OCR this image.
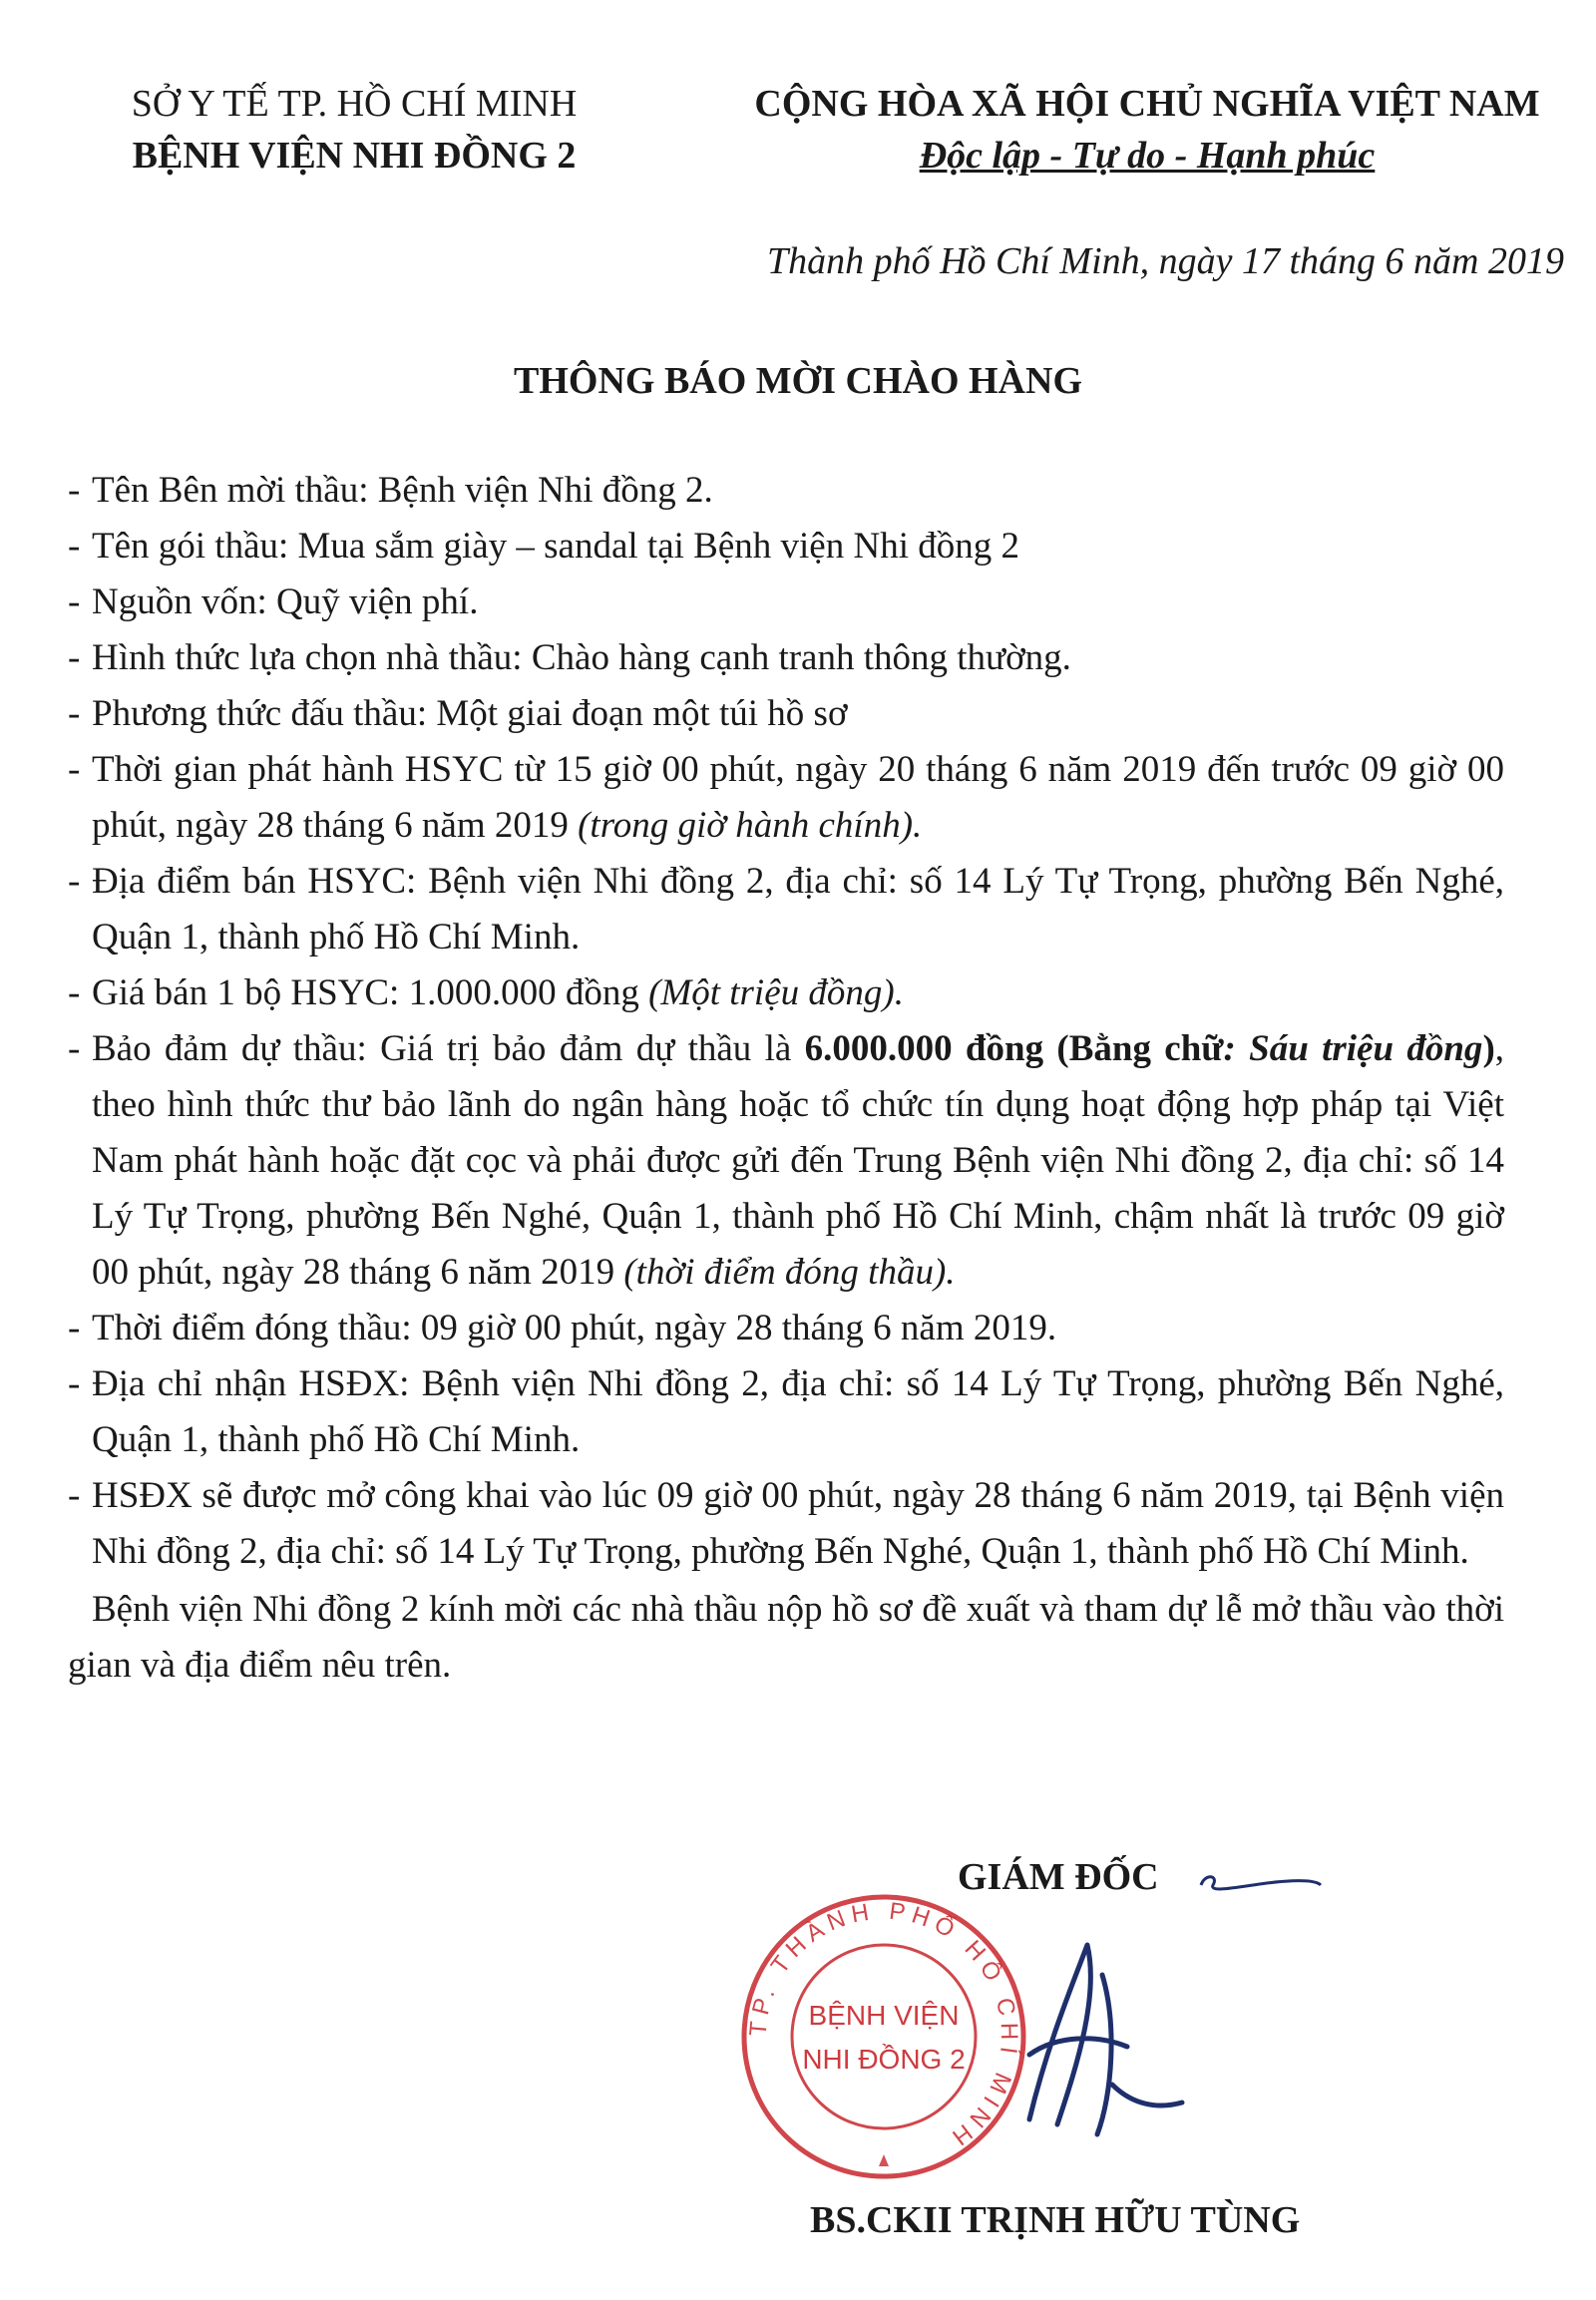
SỞ Y TẾ TP. HỒ CHÍ MINH
BỆNH VIỆN NHI ĐỒNG 2
CỘNG HÒA XÃ HỘI CHỦ NGHĨA VIỆT NAM
Độc lập - Tự do - Hạnh phúc
Thành phố Hồ Chí Minh, ngày 17 tháng 6 năm 2019
THÔNG BÁO MỜI CHÀO HÀNG
- Tên Bên mời thầu: Bệnh viện Nhi đồng 2.
- Tên gói thầu: Mua sắm giày – sandal tại Bệnh viện Nhi đồng 2
- Nguồn vốn: Quỹ viện phí.
- Hình thức lựa chọn nhà thầu: Chào hàng cạnh tranh thông thường.
- Phương thức đấu thầu: Một giai đoạn một túi hồ sơ
- Thời gian phát hành HSYC từ 15 giờ 00 phút, ngày 20 tháng 6 năm 2019 đến trước 09 giờ 00 phút, ngày 28 tháng 6 năm 2019 (trong giờ hành chính).
- Địa điểm bán HSYC: Bệnh viện Nhi đồng 2, địa chỉ: số 14 Lý Tự Trọng, phường Bến Nghé, Quận 1, thành phố Hồ Chí Minh.
- Giá bán 1 bộ HSYC: 1.000.000 đồng (Một triệu đồng).
- Bảo đảm dự thầu: Giá trị bảo đảm dự thầu là 6.000.000 đồng (Bằng chữ: Sáu triệu đồng), theo hình thức thư bảo lãnh do ngân hàng hoặc tổ chức tín dụng hoạt động hợp pháp tại Việt Nam phát hành hoặc đặt cọc và phải được gửi đến Trung Bệnh viện Nhi đồng 2, địa chỉ: số 14 Lý Tự Trọng, phường Bến Nghé, Quận 1, thành phố Hồ Chí Minh, chậm nhất là trước 09 giờ 00 phút, ngày 28 tháng 6 năm 2019 (thời điểm đóng thầu).
- Thời điểm đóng thầu: 09 giờ 00 phút, ngày 28 tháng 6 năm 2019.
- Địa chỉ nhận HSĐX: Bệnh viện Nhi đồng 2, địa chỉ: số 14 Lý Tự Trọng, phường Bến Nghé, Quận 1, thành phố Hồ Chí Minh.
- HSĐX sẽ được mở công khai vào lúc 09 giờ 00 phút, ngày 28 tháng 6 năm 2019, tại Bệnh viện Nhi đồng 2, địa chỉ: số 14 Lý Tự Trọng, phường Bến Nghé, Quận 1, thành phố Hồ Chí Minh.
Bệnh viện Nhi đồng 2 kính mời các nhà thầu nộp hồ sơ đề xuất và tham dự lễ mở thầu vào thời gian và địa điểm nêu trên.
GIÁM ĐỐC
TP. THÀNH PHỐ HỒ CHÍ MINH
BỆNH VIỆN
NHI ĐỒNG 2
BS.CKII TRỊNH HỮU TÙNG
